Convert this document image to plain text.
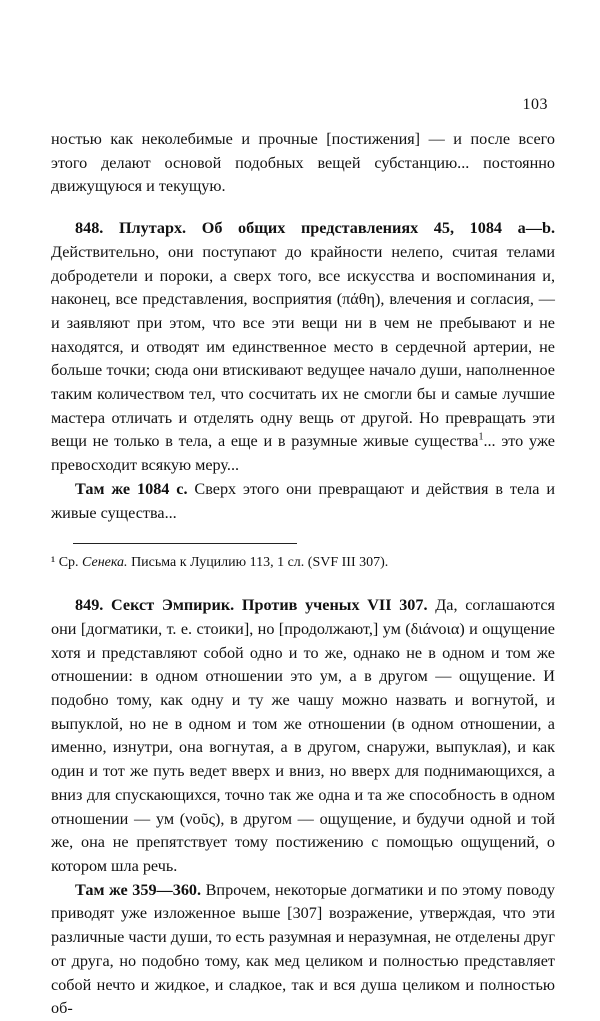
103

ностью как неколебимые и прочные [постижения] — и после всего этого делают основой подобных вещей субстанцию... постоянно движущуюся и текущую.

848. Плутарх. Об общих представлениях 45, 1084 a—b. Действительно, они поступают до крайности нелепо, считая телами добродетели и пороки, а сверх того, все искусства и воспоминания и, наконец, все представления, восприятия (πάθη), влечения и согласия, — и заявляют при этом, что все эти вещи ни в чем не пребывают и не находятся, и отводят им единственное место в сердечной артерии, не больше точки; сюда они втискивают ведущее начало души, наполненное таким количеством тел, что сосчитать их не смогли бы и самые лучшие мастера отличать и отделять одну вещь от другой. Но превращать эти вещи не только в тела, а еще и в разумные живые существа$^1$... это уже превосходит всякую меру...

Там же 1084 с. Сверх этого они превращают и действия в тела и живые существа...

¹ Ср. Сенека. Письма к Луцилию 113, 1 сл. (SVF III 307).

849. Секст Эмпирик. Против ученых VII 307. Да, соглашаются они [догматики, т. е. стоики], но [продолжают,] ум (διάνοια) и ощущение хотя и представляют собой одно и то же, однако не в одном и том же отношении: в одном отношении это ум, а в другом — ощущение. И подобно тому, как одну и ту же чашу можно назвать и вогнутой, и выпуклой, но не в одном и том же отношении (в одном отношении, а именно, изнутри, она вогнутая, а в другом, снаружи, выпуклая), и как один и тот же путь ведет вверх и вниз, но вверх для поднимающихся, а вниз для спускающихся, точно так же одна и та же способность в одном отношении — ум (νοῦς), в другом — ощущение, и будучи одной и той же, она не препятствует тому постижению с помощью ощущений, о котором шла речь.

Там же 359—360. Впрочем, некоторые догматики и по этому поводу приводят уже изложенное выше [307] возражение, утверждая, что эти различные части души, то есть разумная и неразумная, не отделены друг от друга, но подобно тому, как мед целиком и полностью представляет собой нечто и жидкое, и сладкое, так и вся душа целиком и полностью об-
